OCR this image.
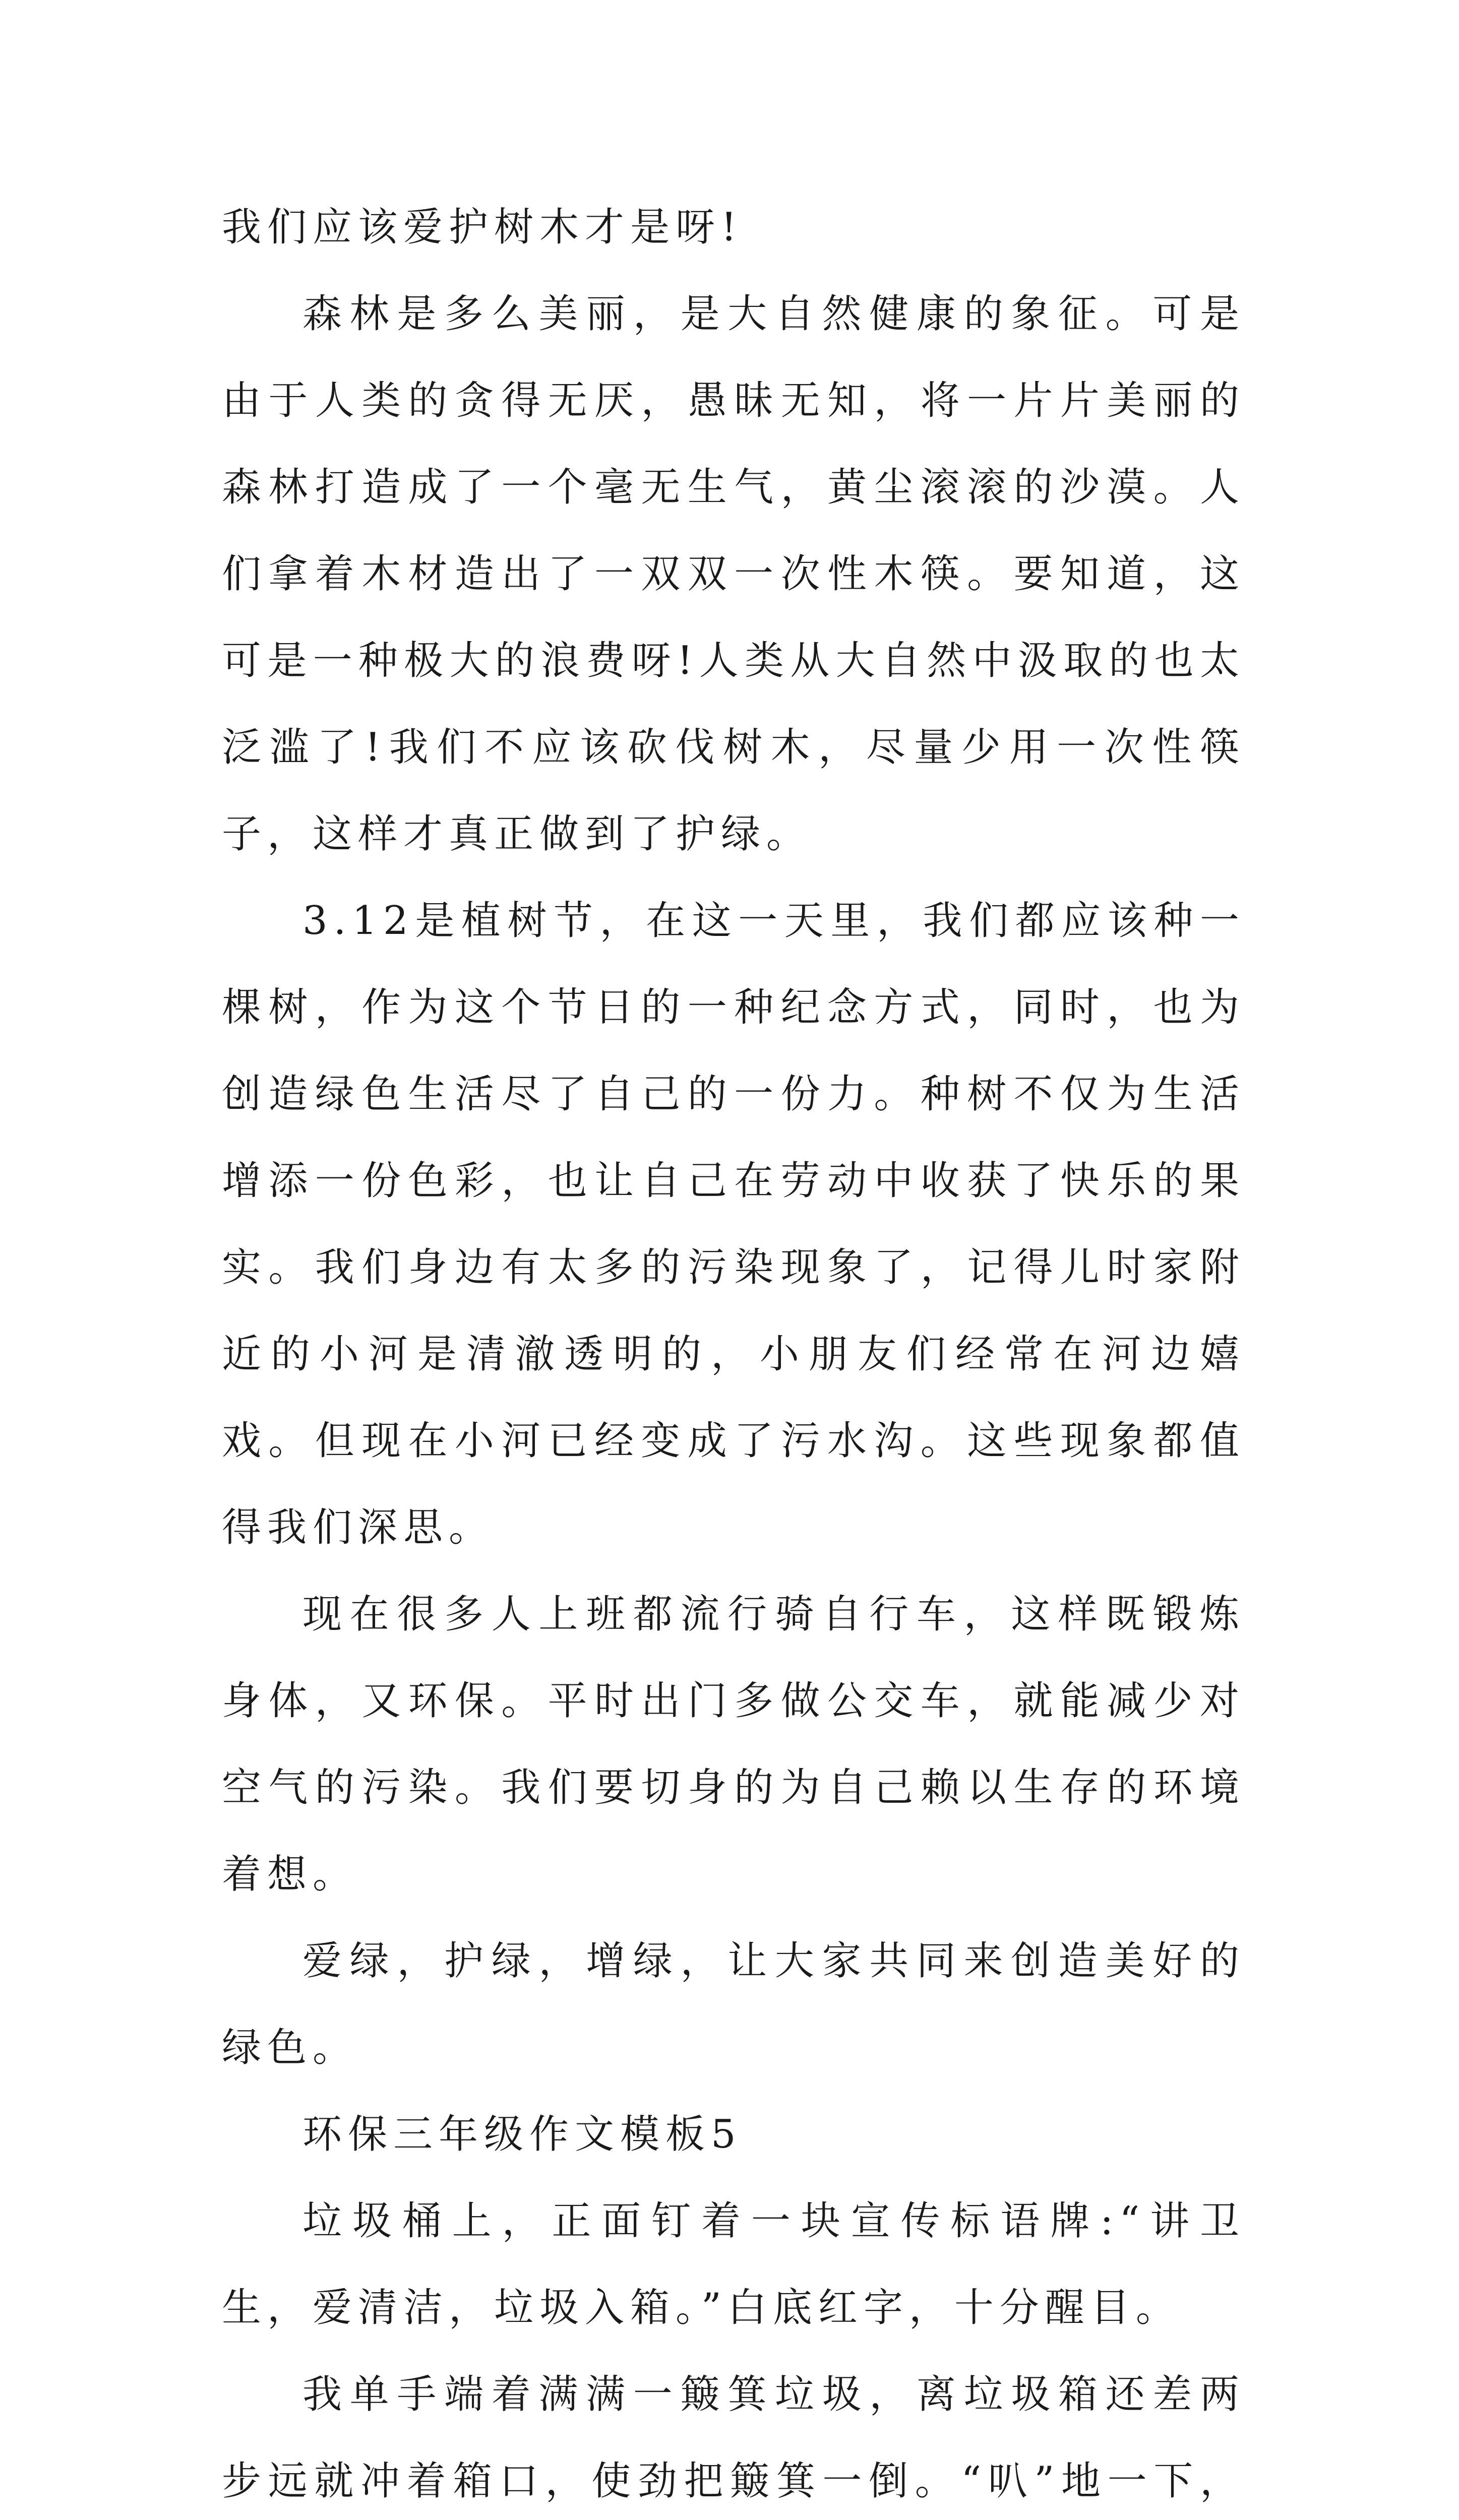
我们应该爱护树木才是呀!

森林是多么美丽，是大自然健康的象征。可是由于人类的贪得无厌，愚昧无知，将一片片美丽的森林打造成了一个毫无生气，黄尘滚滚的沙漠。人们拿着木材造出了一双双一次性木筷。要知道，这可是一种极大的浪费呀!人类从大自然中汲取的也太泛滥了!我们不应该砍伐树木，尽量少用一次性筷子，这样才真正做到了护绿。

3.12是植树节，在这一天里，我们都应该种一棵树，作为这个节日的一种纪念方式，同时，也为创造绿色生活尽了自己的一份力。种树不仅为生活增添一份色彩，也让自己在劳动中收获了快乐的果实。我们身边有太多的污染现象了，记得儿时家附近的小河是清澈透明的，小朋友们经常在河边嬉戏。但现在小河已经变成了污水沟。这些现象都值得我们深思。

现在很多人上班都流行骑自行车，这样既锻炼身体，又环保。平时出门多做公交车，就能减少对空气的污染。我们要切身的为自己赖以生存的环境着想。

爱绿，护绿，增绿，让大家共同来创造美好的绿色。

环保三年级作文模板5

垃圾桶上，正面钉着一块宣传标语牌:“讲卫生，爱清洁，垃圾入箱。”白底红字，十分醒目。

我单手端着满满一簸箕垃圾，离垃圾箱还差两步远就冲着箱口，使劲把簸箕一倒。“叭”地一下，
